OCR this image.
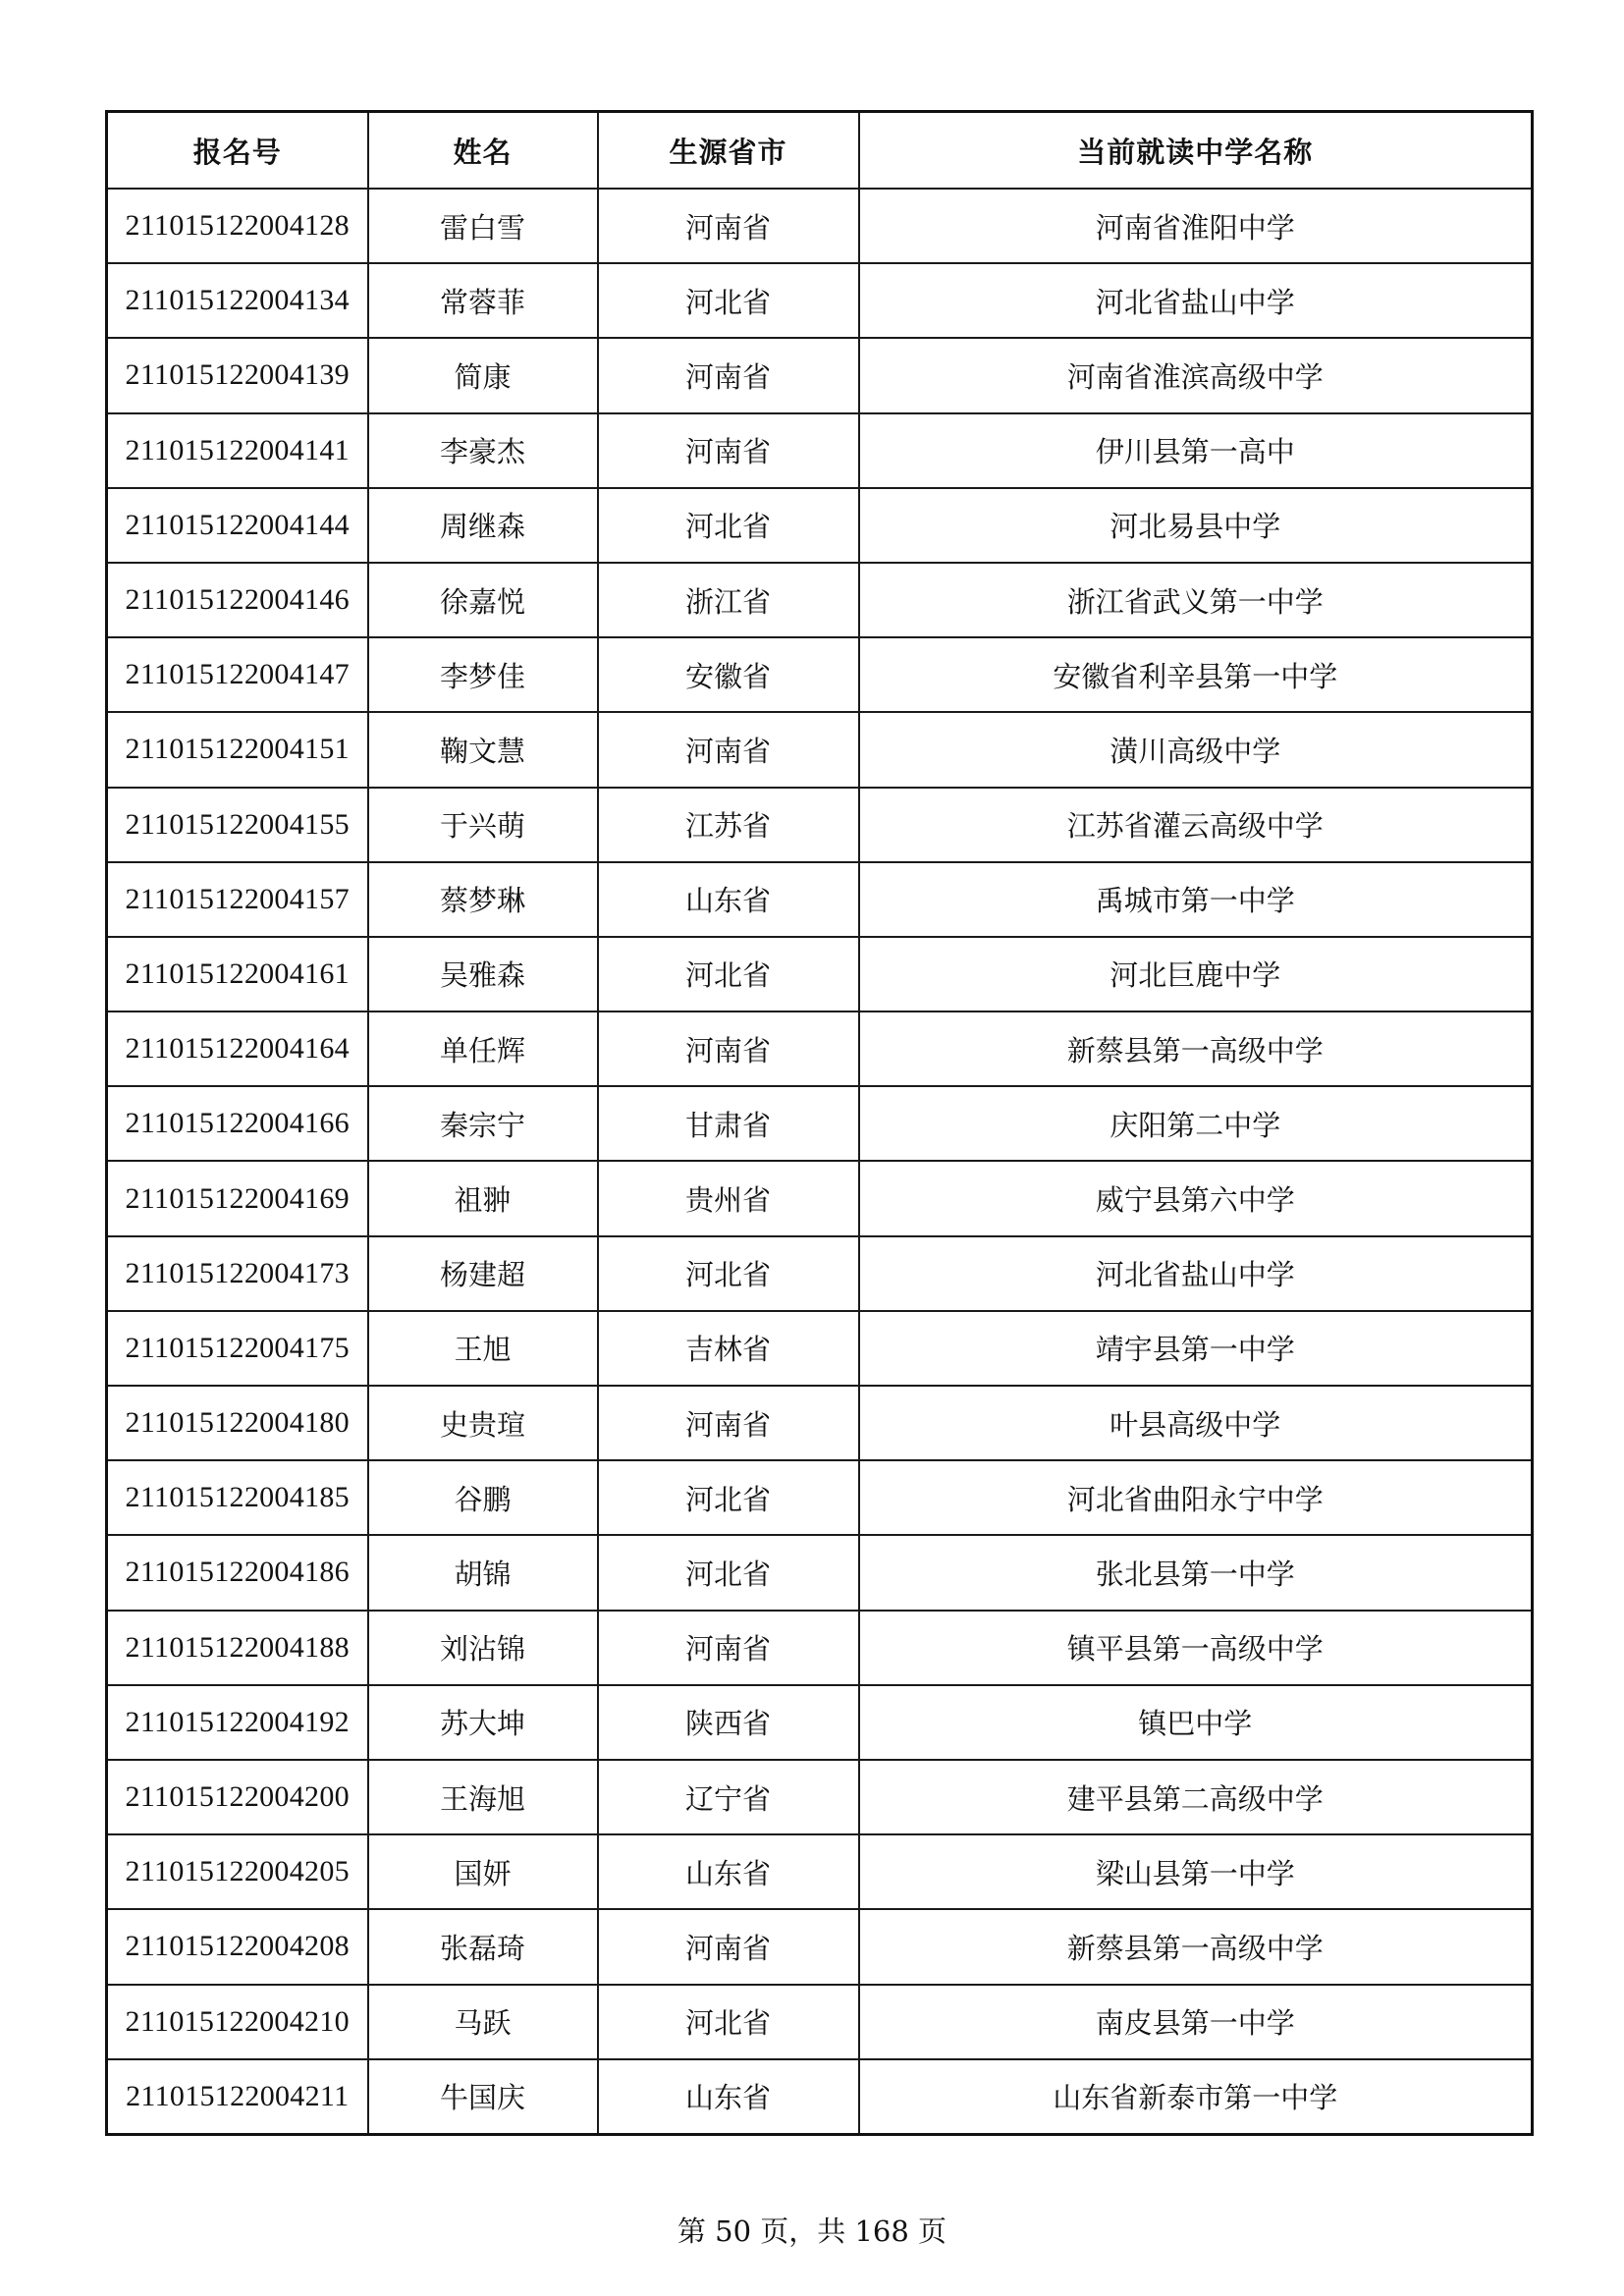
报名号	姓名	生源省市	当前就读中学名称
211015122004128	雷白雪	河南省	河南省淮阳中学
211015122004134	常蓉菲	河北省	河北省盐山中学
211015122004139	简康	河南省	河南省淮滨高级中学
211015122004141	李豪杰	河南省	伊川县第一高中
211015122004144	周继森	河北省	河北易县中学
211015122004146	徐嘉悦	浙江省	浙江省武义第一中学
211015122004147	李梦佳	安徽省	安徽省利辛县第一中学
211015122004151	鞠文慧	河南省	潢川高级中学
211015122004155	于兴萌	江苏省	江苏省灌云高级中学
211015122004157	蔡梦琳	山东省	禹城市第一中学
211015122004161	吴雅森	河北省	河北巨鹿中学
211015122004164	单任辉	河南省	新蔡县第一高级中学
211015122004166	秦宗宁	甘肃省	庆阳第二中学
211015122004169	祖翀	贵州省	威宁县第六中学
211015122004173	杨建超	河北省	河北省盐山中学
211015122004175	王旭	吉林省	靖宇县第一中学
211015122004180	史贵瑄	河南省	叶县高级中学
211015122004185	谷鹏	河北省	河北省曲阳永宁中学
211015122004186	胡锦	河北省	张北县第一中学
211015122004188	刘沾锦	河南省	镇平县第一高级中学
211015122004192	苏大坤	陕西省	镇巴中学
211015122004200	王海旭	辽宁省	建平县第二高级中学
211015122004205	国妍	山东省	梁山县第一中学
211015122004208	张磊琦	河南省	新蔡县第一高级中学
211015122004210	马跃	河北省	南皮县第一中学
211015122004211	牛国庆	山东省	山东省新泰市第一中学
第 50 页，共 168 页
